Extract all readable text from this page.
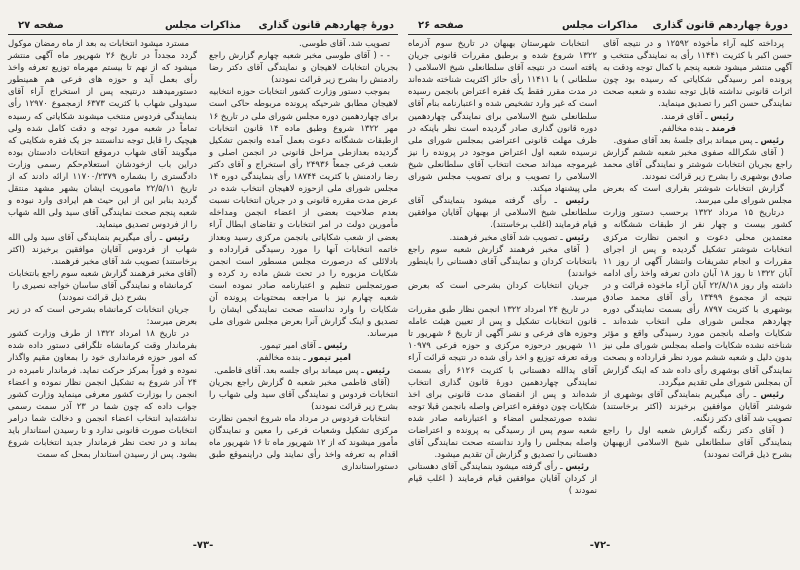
دورهٔ چهاردهم قانون گذاری
مذاکرات مجلس
صفحه ۲۷

تصویب شد. آقای طوسی.

- - ( آقای طوسی مخبر شعبه چهارم گزارش راجع بجریان انتخابات لاهیجان و نمایندگی آقای دکتر رضا رادمنش را بشرح زیر قرائت نمودند)

بموجب دستور وزارت کشور انتخابات حوزه انتخابیه لاهیجان مطابق شرحیکه پرونده مربوطه حاکی است برای چهاردهمین دوره مجلس شورای ملی در تاریخ ۱۶ مهر ۱۳۲۲ شروع وطبق ماده ۱۴ قانون انتخابات ازطبقات ششگانه دعوت بعمل آمده وانجمن تشکیل گردیده بعدازطی مراحل قانونی در انجمن اصلی و شعب فرعی جمعاً ۲۴۹۳۶ رأی استخراج و آقای دکتر رضا رادمنش با کثریت ۱۸۷۴۴ رأی بنمایندگی دوره ۱۴ مجلس شورای ملی ازحوزه لاهیجان انتخاب شده در عرض مدت مقرره قانونی و در جریان انتخابات نسبت بعدم صلاحیت بعضی از اعضاء انجمن ومداخله مأمورین دولت در امر انتخابات و تقاضای ابطال آراء بعضی از شعب شکایاتی بانجمن مرکزی رسید وبعداز خاتمه انتخابات آنها را مورد رسیدگی قرارداده و بادلائلی که درصورت مجلس مسطور است انجمن شکایات مزبوره را در تحت شش ماده رد کرده و صورتمجلس تنظیم و اعتبارنامه صادر نموده است شعبه چهارم نیز با مراجعه بمحتویات پرونده آن شکایات را وارد ندانسته صحت نمایندگی ایشان را تصدیق و اینک گزارش آنرا بعرض مجلس شورای ملی میرساند.

رئیس ـ آقای امیر تیمور.

امیر تیمور ـ بنده مخالفم.

رئیس ـ پس میماند برای جلسه بعد. آقای فاطمی.

(آقای فاطمی مخبر شعبه ۵ گزارش راجع بجریان انتخابات فردوس و نمایندگی آقای سید ولی شهاب را بشرح زیر قرائت نمودند)

انتخابات فردوس در مرداد ماه شروع انجمن نظارت مرکزی تشکیل وشعبات فرعی را معین و نمایندگان مأمور میشوند که از ۱۲ شهریور ماه تا ۱۶ شهریور ماه اقدام به تعرفه واخذ رأی نمایند ولی دراینموقع طبق دستوراستانداری

مسترد میشود انتخابات به بعد از ماه رمضان موکول گردد مجدداً در تاریخ ۲۶ شهریور ماه آگهی منتشر میشود که از نهم تا بیستم مهرماه توزیع تعرفه واخذ رأی بعمل آید و حوزه های فرعی هم همینطور دستورمیدهند درنتیجه پس از استخراج آراء آقای سیدولی شهاب با کثریت ۶۳۷۳ ازمجموع ۱۲۹۷۰ رأی بنمایندگی فردوس منتخب میشوند شکایاتی که رسیده تماماً در شعبه مورد توجه و دقت کامل شده ولی هیچیک را قابل توجه ندانستند جز یک فقره شکایتی که میگویند آقای شهاب درموقع انتخابات دادستان بوده دراین باب ازخودشان استعلام‌حکم رسمی وزارت دادگستری را بشماره ۱۱۷۰۰/۲۳۷۹ ارائه دادند که از تاریخ ۲۲/۵/۱۱ ماموریت ایشان بشهر مشهد منتقل گردید بنابر این از این حیث هم ایرادی وارد نبوده و شعبه پنجم صحت نمایندگی آقای سید ولی الله شهاب را از فردوس تصدیق مینماید.

رئیس ـ رأی میگیریم بنمایندگی آقای سید ولی الله شهاب از فردوس آقایان موافقین برخیزند (اکثر برخاستند) تصویب شد آقای مخبر فرهمند.

(آقای مخبر فرهمند گزارش شعبه سوم راجع بانتخابات کرمانشاه و نمایندگی آقای ساسان خواجه نصیری را بشرح ذیل قرائت نمودند)

جریان انتخابات کرمانشاه بشرحی است که در زیر بعرض میرسد:

در تاریخ ۱۸ امرداد ۱۳۲۲ از طرف وزارت کشور بفرماندار وقت کرمانشاه تلگرافی دستور داده شده که امور حوزه فرمانداری خود را بمعاون مقیم واگذار نموده و فوراً بمرکز حرکت نماید. فرماندار نامبرده در ۲۴ آذر شروع به تشکیل انجمن نظار نموده و اعضاء انجمن را بوزارت کشور معرفی مینماید وزارت کشور جواب داده که چون شما در ۲۳ آذر سمت رسمی نداشته‌اید انتخاب اعضاء انجمن و دخالت شما درامر انتخابات صورت قانونی ندارد و تا رسیدن استاندار باید بماند و در تحت نظر فرماندار جدید انتخابات شروع بشود. پس از رسیدن استاندار بمحل که سمت

-۷۳-
دورهٔ چهاردهم قانون گذاری
مذاکرات مجلس
صفحه ۲۶

پرداخته کلیه آراء مأخوذه ۱۲۵۹۲ و در نتیجه آقای حسن اکبر با کثریت ۱۱۴۴۱ رأی به نمایندگی منتخب و آگهی منتشر میشود شعبه پنجم با کمال توجه ودقت به پرونده امر رسیدگی شکایاتی که رسیده بود چون اثرات قانونی نداشته قابل توجه نشده و شعبه صحت نمایندگی حسن اکبر را تصدیق مینماید.

رئیس ـ آقای فرمند.

فرمند ـ بنده مخالفم.

رئیس ـ پس میماند برای جلسهٔ بعد آقای صفوی.

( آقای شکرالله صفوی مخبر شعبه ششم گزارش راجع بجریان انتخابات شوشتر و نمایندگی آقای محمد صادق بوشهری را بشرح زیر قرائت نمودند.

گزارش انتخابات شوشتر بقراری است که بعرض مجلس شورای ملی میرسد.

درتاریخ ۱۵ مرداد ۱۳۲۲ برحسب دستور وزارت کشور بیست و چهار نفر از طبقات ششگانه و معتمدین محلی دعوت و انجمن نظارت مرکزی انتخابات شوشتر تشکیل گردیده و پس از اجرای مقررات و انجام تشریفات وانتشار آگهی از روز ۱۱ آبان ۱۳۲۲ تا روز ۱۸ آبان دادن تعرفه واخذ رأی ادامه داشته واز روز ۲۲/۸/۱۸ آبان آراء ماخوذه قرائت و در نتیجه از مجموع ۱۳۴۹۹ رأی آقای محمد صادق بوشهری با کثریت ۸۷۹۷ رأی بسمت نمایندگی دوره چهاردهم مجلس شورای ملی انتخاب شده‌اند ـ شکایات واصله بانجمن مورد رسیدگی واقع و مؤثر شناخته نشده شکایات واصله بمجلس شورای ملی نیز بدون دلیل و شعبه ششم مورد نظر قرارداده و بصحت نمایندگی آقای بوشهری رأی داده شد که اینک گزارش آن بمجلس شورای ملی تقدیم میگردد.

رئیس ـ رأی میگیریم بنمایندگی آقای بوشهری از شوشتر آقایان موافقین برخیزند (اکثر برخاستند) تصویب شد آقای دکتر زنگنه.

( آقای دکتر زنگنه گزارش شعبه اول را راجع بنمایندگی آقای سلطانعلی شیخ الاسلامی ازبهبهان بشرح ذیل قرائت نمودند)

انتخابات شهرستان بهبهان در تاریخ سوم آذرماه ۱۳۲۲ شروع شده و برطبق مقررات قانونی جریان یافته است در نتیجه آقای سلطانعلی شیخ الاسلامی ( سلطانی ) با ۱۱۴۱۱ رأی حائز اکثریت شناخته شده‌اند در مدت مقرر فقط یک فقره اعتراض بانجمن رسیده است که غیر وارد تشخیص شده و اعتبارنامه بنام آقای سلطانعلی شیخ الاسلامی برای نمایندگی چهاردهمین دوره قانون گذاری صادر گردیده است نظر باینکه در ظرف مهلت قانونی اعتراضی بمجلس شورای ملی نرسیده شعبه اول اعتراض موجود در پرونده را نیز غیرموجه میداند صحت انتخاب آقای سلطانعلی شیخ الاسلامی را تصویب و برای تصویب مجلس شورای ملی پیشنهاد میکند.

رئیس ـ رأی گرفته میشود بنمایندگی آقای سلطانعلی شیخ الاسلامی از بهبهان آقایان موافقین قیام فرمایند (اغلب برخاستند).

رئیس ـ تصویب شد آقای مخبر فرهمند.

( آقای مخبر فرهمند گزارش شعبه سوم راجع بانتخابات کردان و نمایندگی آقای دهستانی را باینطور خواندند)

جریان انتخابات کردان بشرحی است که بعرض میرسد.

در تاریخ ۲۴ امرداد ۱۳۲۲ انجمن نظار طبق مقررات قانون انتخابات تشکیل و پس از تعیین هیئت عامله وحوزه های فرعی و نشر آگهی از تاریخ ۶ شهریور تا ۱۱ شهریور درحوزه مرکزی و حوزه فرعی ۱۰۹۷۹ ورقه تعرفه توزیع و اخذ رأی شده در نتیجه قرائت آراء آقای یدالله دهستانی با کثریت ۶۱۲۶ رأی بسمت نمایندگی چهاردهمین دورهٔ قانون گذاری انتخاب شده‌اند و پس از انقضای مدت قانونی برای اخذ شکایات چون دوفقره اعتراض واصله بانجمن قبلا توجه نشده صورتمجلس امضاء و اعتبارنامه صادر شده شعبه سوم پس از رسیدگی به پرونده و اعتراضات واصله بمجلس را وارد ندانسته صحت نمایندگی آقای دهستانی را تصدیق و گزارش آن تقدیم میشود.

رئیس ـ رأی گرفته میشود بنمایندگی آقای دهستانی از کردان آقایان موافقین قیام فرمایند ( اغلب قیام نمودند )

-۷۲-
